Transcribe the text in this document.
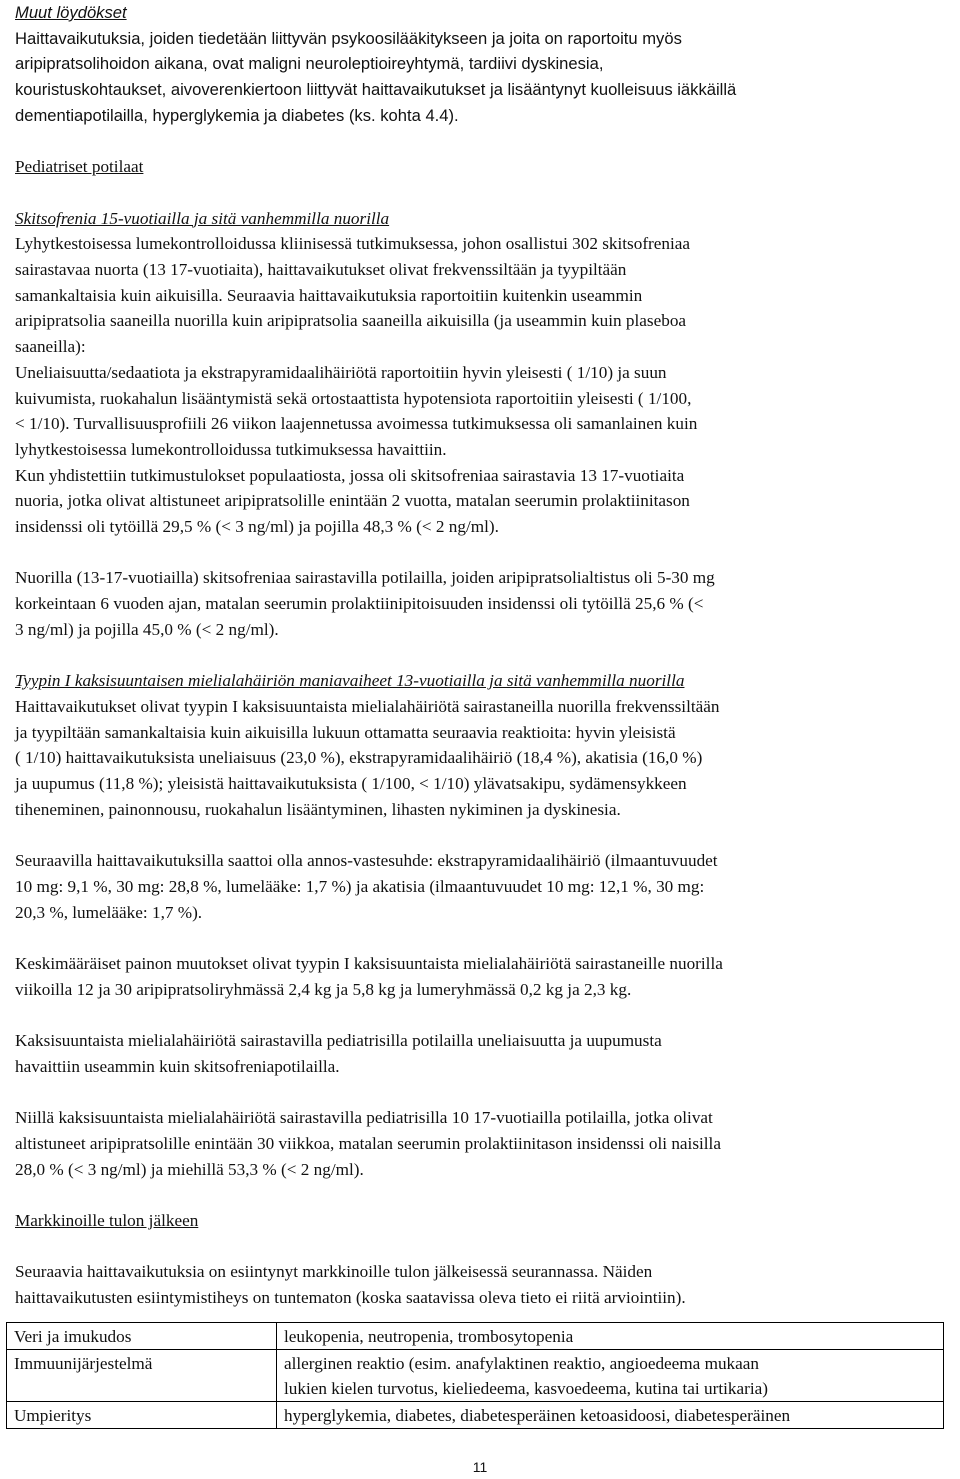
Muut löydökset

Haittavaikutuksia, joiden tiedetään liittyvän psykoosilääkitykseen ja joita on raportoitu myös
aripipratsolihoidon aikana, ovat maligni neuroleptioireyhtymä, tardiivi dyskinesia,
kouristuskohtaukset, aivoverenkiertoon liittyvät haittavaikutukset ja lisääntynyt kuolleisuus iäkkäillä
dementiapotilailla, hyperglykemia ja diabetes (ks. kohta 4.4).

Pediatriset potilaat

Skitsofrenia 15-vuotiailla ja sitä vanhemmilla nuorilla

Lyhytkestoisessa lumekontrolloidussa kliinisessä tutkimuksessa, johon osallistui 302 skitsofreniaa
sairastavaa nuorta (13 17-vuotiaita), haittavaikutukset olivat frekvenssiltään ja tyypiltään
samankaltaisia kuin aikuisilla. Seuraavia haittavaikutuksia raportoitiin kuitenkin useammin
aripipratsolia saaneilla nuorilla kuin aripipratsolia saaneilla aikuisilla (ja useammin kuin plaseboa
saaneilla):
Uneliaisuutta/sedaatiota ja ekstrapyramidaalihäiriötä raportoitiin hyvin yleisesti ( 1/10) ja suun
kuivumista, ruokahalun lisääntymistä sekä ortostaattista hypotensiota raportoitiin yleisesti ( 1/100,
< 1/10). Turvallisuusprofiili 26 viikon laajennetussa avoimessa tutkimuksessa oli samanlainen kuin
lyhytkestoisessa lumekontrolloidussa tutkimuksessa havaittiin.
Kun yhdistettiin tutkimustulokset populaatiosta, jossa oli skitsofreniaa sairastavia 13 17-vuotiaita
nuoria, jotka olivat altistuneet aripipratsolille enintään 2 vuotta, matalan seerumin prolaktiinitason
insidenssi oli tytöillä 29,5 % (< 3 ng/ml) ja pojilla 48,3 % (< 2 ng/ml).
Nuorilla (13-17-vuotiailla) skitsofreniaa sairastavilla potilailla, joiden aripipratsolialtistus oli 5-30 mg
korkeintaan 6 vuoden ajan, matalan seerumin prolaktiinipitoisuuden insidenssi oli tytöillä 25,6 % (<
3 ng/ml) ja pojilla 45,0 % (< 2 ng/ml).

Tyypin I kaksisuuntaisen mielialahäiriön maniavaiheet 13-vuotiailla ja sitä vanhemmilla nuorilla

Haittavaikutukset olivat tyypin I kaksisuuntaista mielialahäiriötä sairastaneilla nuorilla frekvenssiltään
ja tyypiltään samankaltaisia kuin aikuisilla lukuun ottamatta seuraavia reaktioita: hyvin yleisistä
( 1/10) haittavaikutuksista uneliaisuus (23,0 %), ekstrapyramidaalihäiriö (18,4 %), akatisia (16,0 %)
ja uupumus (11,8 %); yleisistä haittavaikutuksista ( 1/100, < 1/10) ylävatsakipu, sydämensykkeen
tiheneminen, painonnousu, ruokahalun lisääntyminen, lihasten nykiminen ja dyskinesia.
Seuraavilla haittavaikutuksilla saattoi olla annos-vastesuhde: ekstrapyramidaalihäiriö (ilmaantuvuudet
10 mg: 9,1 %, 30 mg: 28,8 %, lumelääke: 1,7 %) ja akatisia (ilmaantuvuudet 10 mg: 12,1 %, 30 mg:
20,3 %, lumelääke: 1,7 %).
Keskimääräiset painon muutokset olivat tyypin I kaksisuuntaista mielialahäiriötä sairastaneille nuorilla
viikoilla 12 ja 30 aripipratsoliryhmässä 2,4 kg ja 5,8 kg ja lumeryhmässä 0,2 kg ja 2,3 kg.
Kaksisuuntaista mielialahäiriötä sairastavilla pediatrisilla potilailla uneliaisuutta ja uupumusta
havaittiin useammin kuin skitsofreniapotilailla.
Niillä kaksisuuntaista mielialahäiriötä sairastavilla pediatrisilla 10 17-vuotiailla potilailla, jotka olivat
altistuneet aripipratsolille enintään 30 viikkoa, matalan seerumin prolaktiinitason insidenssi oli naisilla
28,0 % (< 3 ng/ml) ja miehillä 53,3 % (< 2 ng/ml).

Markkinoille tulon jälkeen

Seuraavia haittavaikutuksia on esiintynyt markkinoille tulon jälkeisessä seurannassa. Näiden
haittavaikutusten esiintymistiheys on tuntematon (koska saatavissa oleva tieto ei riitä arviointiin).
Veri ja imukudos	leukopenia, neutropenia, trombosytopenia

Immuunijärjestelmä	allerginen reaktio (esim. anafylaktinen reaktio, angioedeema mukaan
lukien kielen turvotus, kieliedeema, kasvoedeema, kutina tai urtikaria)

Umpieritys	hyperglykemia, diabetes, diabetesperäinen ketoasidoosi, diabetesperäinen
11
